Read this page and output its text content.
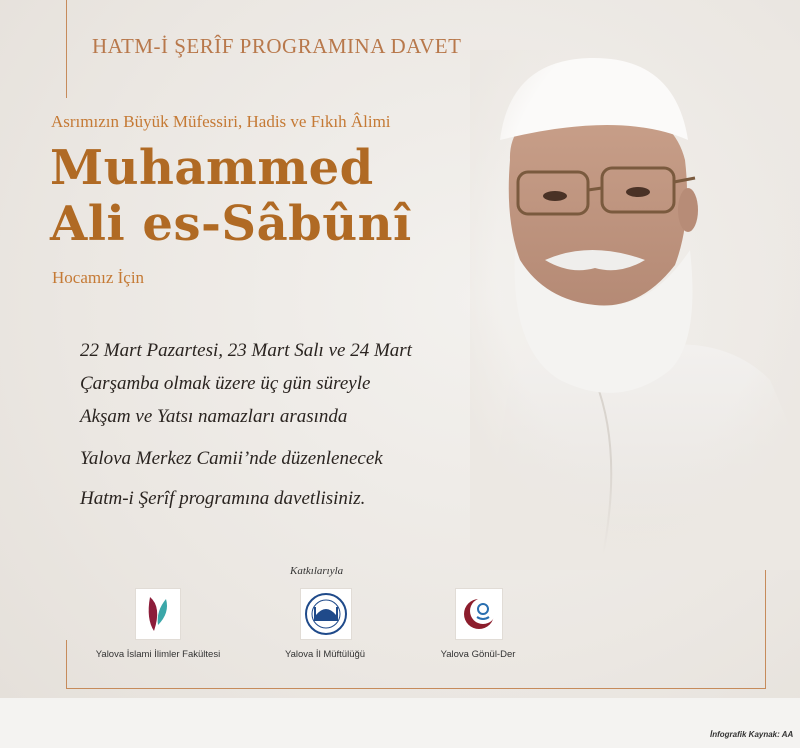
HATM-İ ŞERÎF PROGRAMINA DAVET
Asrımızın Büyük Müfessiri, Hadis ve Fıkıh Âlimi
Muhammed
Ali es-Sâbûnî
Hocamız İçin
22 Mart Pazartesi, 23 Mart Salı ve 24 Mart
Çarşamba olmak üzere üç gün süreyle
Akşam ve Yatsı namazları arasında
Yalova Merkez Camii’nde düzenlenecek
Hatm-i Şerîf programına davetlisiniz.
Katkılarıyla
Yalova İslami İlimler Fakültesi	Yalova İl Müftülüğü	Yalova Gönül-Der
İnfografik Kaynak: AA
